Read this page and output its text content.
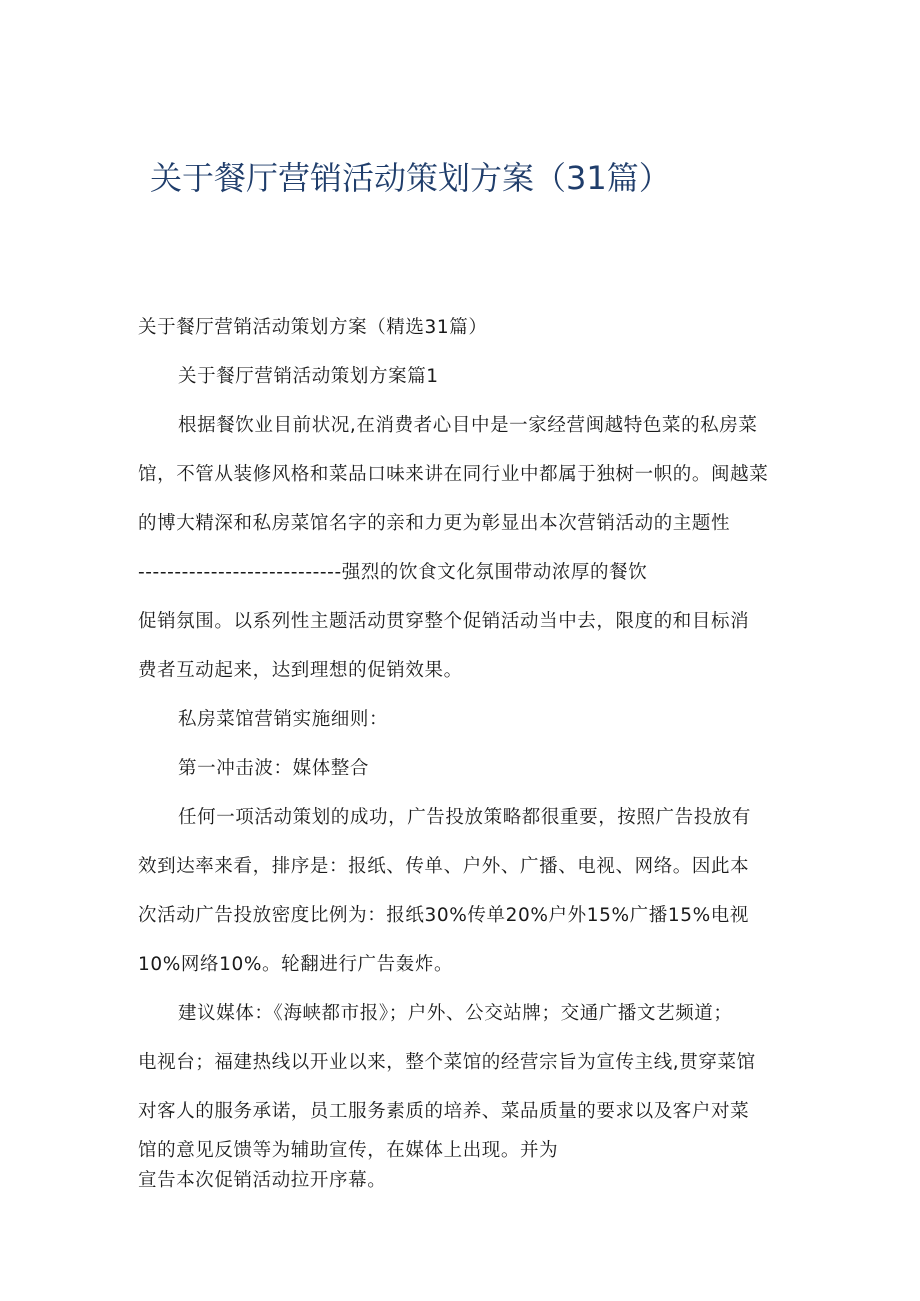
关于餐厅营销活动策划方案（31篇）

关于餐厅营销活动策划方案（精选31篇）

关于餐厅营销活动策划方案篇1

根据餐饮业目前状况,在消费者心目中是一家经营闽越特色菜的私房菜

馆，不管从装修风格和菜品口味来讲在同行业中都属于独树一帜的。闽越菜

的博大精深和私房菜馆名字的亲和力更为彰显出本次营销活动的主题性

----------------------------强烈的饮食文化氛围带动浓厚的餐饮

促销氛围。以系列性主题活动贯穿整个促销活动当中去，限度的和目标消

费者互动起来，达到理想的促销效果。

私房菜馆营销实施细则：

第一冲击波：媒体整合

任何一项活动策划的成功，广告投放策略都很重要，按照广告投放有

效到达率来看，排序是：报纸、传单、户外、广播、电视、网络。因此本

次活动广告投放密度比例为：报纸30%传单20%户外15%广播15%电视

10%网络10%。轮翻进行广告轰炸。

建议媒体：《海峡都市报》；户外、公交站牌；交通广播文艺频道；

电视台；福建热线以开业以来，整个菜馆的经营宗旨为宣传主线,贯穿菜馆

对客人的服务承诺，员工服务素质的培养、菜品质量的要求以及客户对菜

馆的意见反馈等为辅助宣传，在媒体上出现。并为

宣告本次促销活动拉开序幕。
